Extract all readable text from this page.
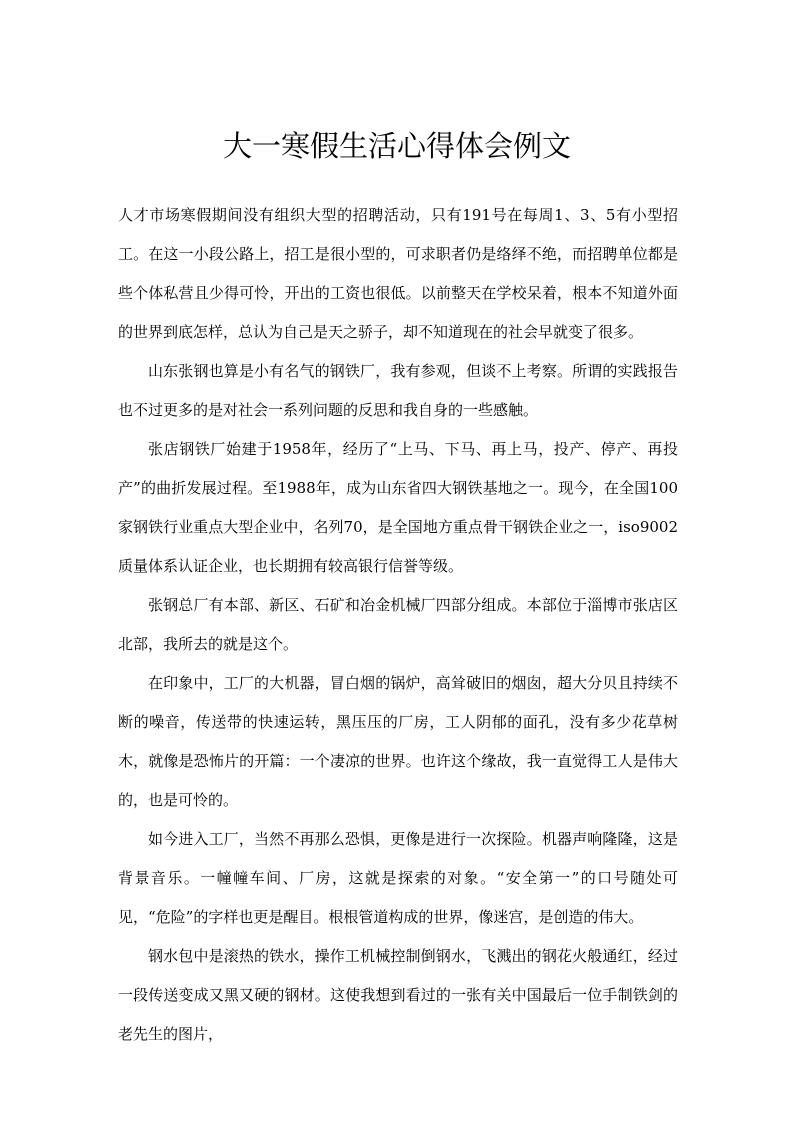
大一寒假生活心得体会例文

人才市场寒假期间没有组织大型的招聘活动，只有191号在每周1、3、5有小型招工。在这一小段公路上，招工是很小型的，可求职者仍是络绎不绝，而招聘单位都是些个体私营且少得可怜，开出的工资也很低。以前整天在学校呆着，根本不知道外面的世界到底怎样，总认为自己是天之骄子，却不知道现在的社会早就变了很多。

山东张钢也算是小有名气的钢铁厂，我有参观，但谈不上考察。所谓的实践报告也不过更多的是对社会一系列问题的反思和我自身的一些感触。

张店钢铁厂始建于1958年，经历了“上马、下马、再上马，投产、停产、再投产”的曲折发展过程。至1988年，成为山东省四大钢铁基地之一。现今，在全国100家钢铁行业重点大型企业中，名列70，是全国地方重点骨干钢铁企业之一，iso9002质量体系认证企业，也长期拥有较高银行信誉等级。

张钢总厂有本部、新区、石矿和冶金机械厂四部分组成。本部位于淄博市张店区北部，我所去的就是这个。

在印象中，工厂的大机器，冒白烟的锅炉，高耸破旧的烟囱，超大分贝且持续不断的噪音，传送带的快速运转，黑压压的厂房，工人阴郁的面孔，没有多少花草树木，就像是恐怖片的开篇：一个凄凉的世界。也许这个缘故，我一直觉得工人是伟大的，也是可怜的。

如今进入工厂，当然不再那么恐惧，更像是进行一次探险。机器声响隆隆，这是背景音乐。一幢幢车间、厂房，这就是探索的对象。“安全第一”的口号随处可见，“危险”的字样也更是醒目。根根管道构成的世界，像迷宫，是创造的伟大。

钢水包中是滚热的铁水，操作工机械控制倒钢水，飞溅出的钢花火般通红，经过一段传送变成又黑又硬的钢材。这使我想到看过的一张有关中国最后一位手制铁剑的老先生的图片，
